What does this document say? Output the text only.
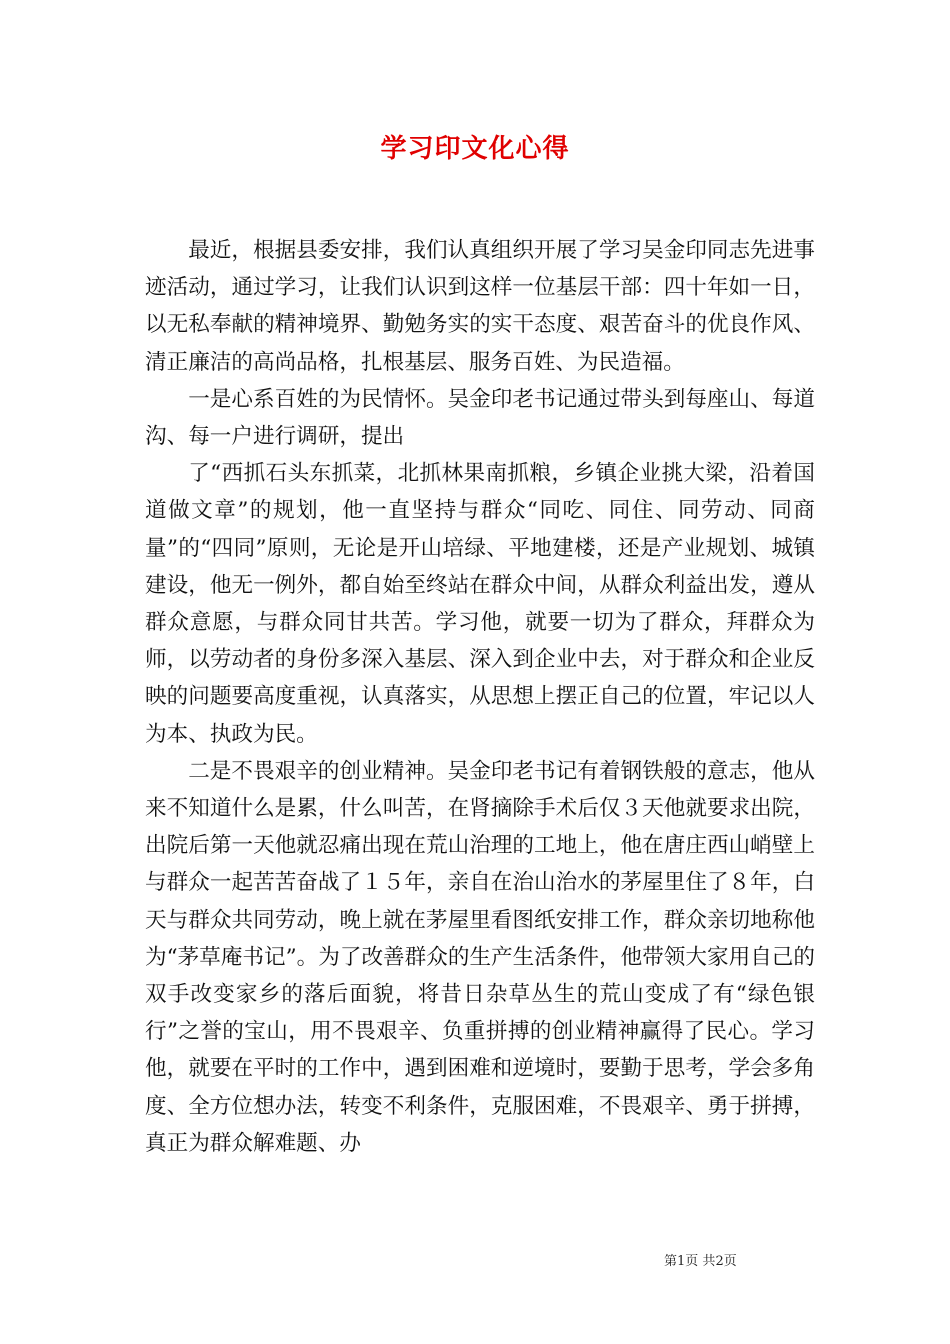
学习印文化心得

最近，根据县委安排，我们认真组织开展了学习吴金印同志先进事迹活动，通过学习，让我们认识到这样一位基层干部：四十年如一日，以无私奉献的精神境界、勤勉务实的实干态度、艰苦奋斗的优良作风、清正廉洁的高尚品格，扎根基层、服务百姓、为民造福。

一是心系百姓的为民情怀。吴金印老书记通过带头到每座山、每道沟、每一户进行调研，提出

了“西抓石头东抓菜，北抓林果南抓粮，乡镇企业挑大梁，沿着国道做文章”的规划，他一直坚持与群众“同吃、同住、同劳动、同商量”的“四同”原则，无论是开山培绿、平地建楼，还是产业规划、城镇建设，他无一例外，都自始至终站在群众中间，从群众利益出发，遵从群众意愿，与群众同甘共苦。学习他，就要一切为了群众，拜群众为师，以劳动者的身份多深入基层、深入到企业中去，对于群众和企业反映的问题要高度重视，认真落实，从思想上摆正自己的位置，牢记以人为本、执政为民。

二是不畏艰辛的创业精神。吴金印老书记有着钢铁般的意志，他从来不知道什么是累，什么叫苦，在肾摘除手术后仅３天他就要求出院，出院后第一天他就忍痛出现在荒山治理的工地上，他在唐庄西山峭壁上与群众一起苦苦奋战了１５年，亲自在治山治水的茅屋里住了８年，白天与群众共同劳动，晚上就在茅屋里看图纸安排工作，群众亲切地称他为“茅草庵书记”。为了改善群众的生产生活条件，他带领大家用自己的双手改变家乡的落后面貌，将昔日杂草丛生的荒山变成了有“绿色银行”之誉的宝山，用不畏艰辛、负重拼搏的创业精神赢得了民心。学习他，就要在平时的工作中，遇到困难和逆境时，要勤于思考，学会多角度、全方位想办法，转变不利条件，克服困难，不畏艰辛、勇于拼搏，真正为群众解难题、办

第1页 共2页
